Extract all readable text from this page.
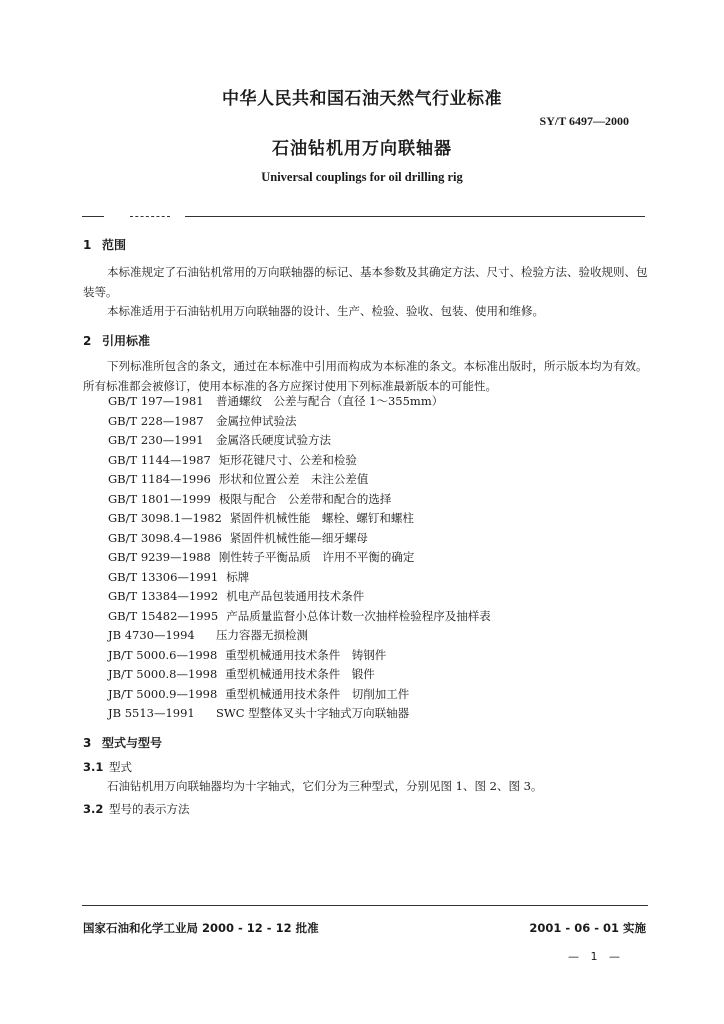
中华人民共和国石油天然气行业标准
SY/T 6497—2000
石油钻机用万向联轴器
Universal couplings for oil drilling rig
1 范围
本标准规定了石油钻机常用的万向联轴器的标记、基本参数及其确定方法、尺寸、检验方法、验收规则、包装等。
本标准适用于石油钻机用万向联轴器的设计、生产、检验、验收、包装、使用和维修。
2 引用标准
下列标准所包含的条文，通过在本标准中引用而构成为本标准的条文。本标准出版时，所示版本均为有效。所有标准都会被修订，使用本标准的各方应探讨使用下列标准最新版本的可能性。
GB/T 197—1981 普通螺纹　公差与配合（直径 1～355mm）
GB/T 228—1987 金属拉伸试验法
GB/T 230—1991 金属洛氏硬度试验方法
GB/T 1144—1987 矩形花键尺寸、公差和检验
GB/T 1184—1996 形状和位置公差　未注公差值
GB/T 1801—1999 极限与配合　公差带和配合的选择
GB/T 3098.1—1982 紧固件机械性能　螺栓、螺钉和螺柱
GB/T 3098.4—1986 紧固件机械性能—细牙螺母
GB/T 9239—1988 刚性转子平衡品质　许用不平衡的确定
GB/T 13306—1991 标牌
GB/T 13384—1992 机电产品包装通用技术条件
GB/T 15482—1995 产品质量监督小总体计数一次抽样检验程序及抽样表
JB 4730—1994 压力容器无损检测
JB/T 5000.6—1998 重型机械通用技术条件　铸钢件
JB/T 5000.8—1998 重型机械通用技术条件　锻件
JB/T 5000.9—1998 重型机械通用技术条件　切削加工件
JB 5513—1991 SWC 型整体叉头十字轴式万向联轴器
3 型式与型号
3.1 型式
石油钻机用万向联轴器均为十字轴式，它们分为三种型式，分别见图 1、图 2、图 3。
3.2 型号的表示方法
国家石油和化学工业局 2000 - 12 - 12 批准	2001 - 06 - 01 实施
— 1 —
